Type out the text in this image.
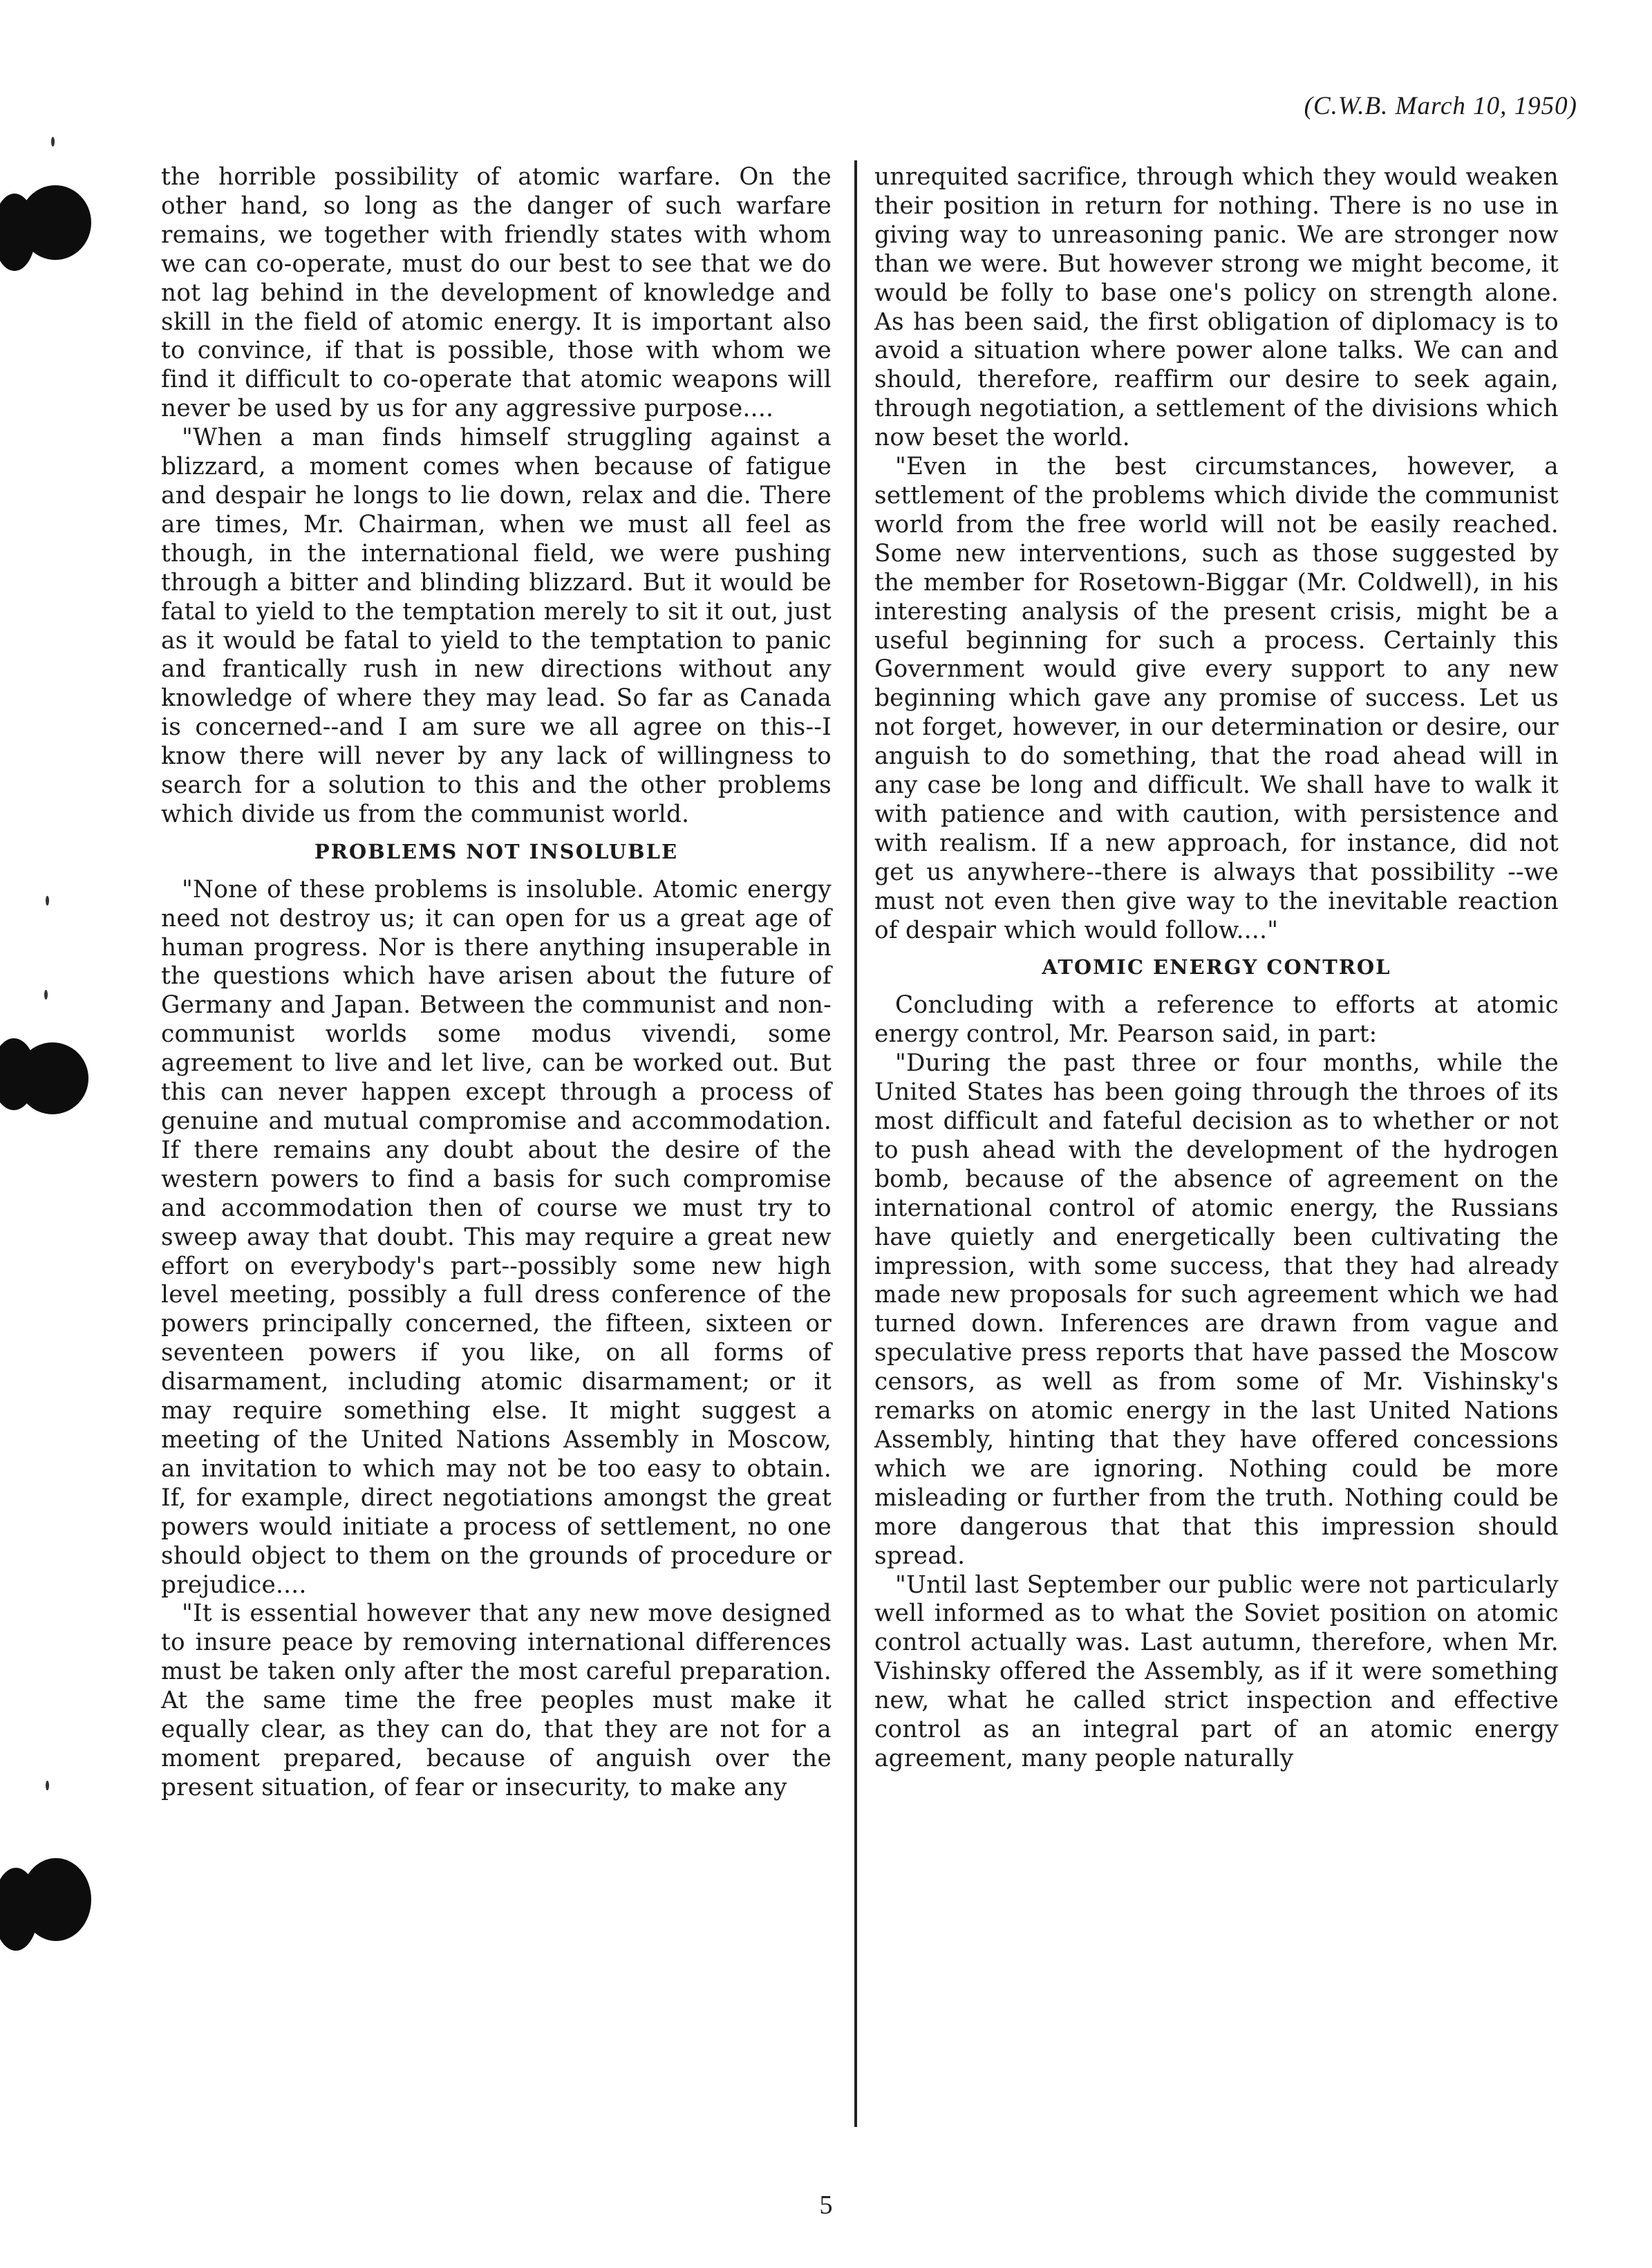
(C.W.B. March 10, 1950)

the horrible possibility of atomic warfare. On the other hand, so long as the danger of such warfare remains, we together with friendly states with whom we can co-operate, must do our best to see that we do not lag behind in the development of knowledge and skill in the field of atomic energy. It is important also to convince, if that is possible, those with whom we find it difficult to co-operate that atomic weapons will never be used by us for any aggressive purpose....

"When a man finds himself struggling against a blizzard, a moment comes when because of fatigue and despair he longs to lie down, relax and die. There are times, Mr. Chairman, when we must all feel as though, in the international field, we were pushing through a bitter and blinding blizzard. But it would be fatal to yield to the temptation merely to sit it out, just as it would be fatal to yield to the temptation to panic and frantically rush in new directions without any knowledge of where they may lead. So far as Canada is concerned--and I am sure we all agree on this--I know there will never by any lack of willingness to search for a solution to this and the other problems which divide us from the communist world.

PROBLEMS NOT INSOLUBLE

"None of these problems is insoluble. Atomic energy need not destroy us; it can open for us a great age of human progress. Nor is there anything insuperable in the questions which have arisen about the future of Germany and Japan. Between the communist and non-communist worlds some modus vivendi, some agreement to live and let live, can be worked out. But this can never happen except through a process of genuine and mutual compromise and accommodation. If there remains any doubt about the desire of the western powers to find a basis for such compromise and accommodation then of course we must try to sweep away that doubt. This may require a great new effort on everybody's part--possibly some new high level meeting, possibly a full dress conference of the powers principally concerned, the fifteen, sixteen or seventeen powers if you like, on all forms of disarmament, including atomic disarmament; or it may require something else. It might suggest a meeting of the United Nations Assembly in Moscow, an invitation to which may not be too easy to obtain. If, for example, direct negotiations amongst the great powers would initiate a process of settlement, no one should object to them on the grounds of procedure or prejudice....

"It is essential however that any new move designed to insure peace by removing international differences must be taken only after the most careful preparation. At the same time the free peoples must make it equally clear, as they can do, that they are not for a moment prepared, because of anguish over the present situation, of fear or insecurity, to make any

unrequited sacrifice, through which they would weaken their position in return for nothing. There is no use in giving way to unreasoning panic. We are stronger now than we were. But however strong we might become, it would be folly to base one's policy on strength alone. As has been said, the first obligation of diplomacy is to avoid a situation where power alone talks. We can and should, therefore, reaffirm our desire to seek again, through negotiation, a settlement of the divisions which now beset the world.

"Even in the best circumstances, however, a settlement of the problems which divide the communist world from the free world will not be easily reached. Some new interventions, such as those suggested by the member for Rosetown-Biggar (Mr. Coldwell), in his interesting analysis of the present crisis, might be a useful beginning for such a process. Certainly this Government would give every support to any new beginning which gave any promise of success. Let us not forget, however, in our determination or desire, our anguish to do something, that the road ahead will in any case be long and difficult. We shall have to walk it with patience and with caution, with persistence and with realism. If a new approach, for instance, did not get us anywhere--there is always that possibility --we must not even then give way to the inevitable reaction of despair which would follow...."

ATOMIC ENERGY CONTROL

Concluding with a reference to efforts at atomic energy control, Mr. Pearson said, in part:

"During the past three or four months, while the United States has been going through the throes of its most difficult and fateful decision as to whether or not to push ahead with the development of the hydrogen bomb, because of the absence of agreement on the international control of atomic energy, the Russians have quietly and energetically been cultivating the impression, with some success, that they had already made new proposals for such agreement which we had turned down. Inferences are drawn from vague and speculative press reports that have passed the Moscow censors, as well as from some of Mr. Vishinsky's remarks on atomic energy in the last United Nations Assembly, hinting that they have offered concessions which we are ignoring. Nothing could be more misleading or further from the truth. Nothing could be more dangerous that that this impression should spread.

"Until last September our public were not particularly well informed as to what the Soviet position on atomic control actually was. Last autumn, therefore, when Mr. Vishinsky offered the Assembly, as if it were something new, what he called strict inspection and effective control as an integral part of an atomic energy agreement, many people naturally

5
